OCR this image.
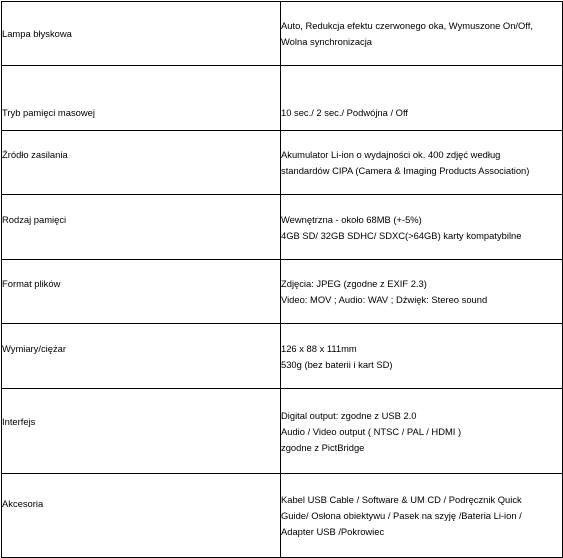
Lampa błyskowa	Auto, Redukcja efektu czerwonego oka, Wymuszone On/Off,
Wolna synchronizacja

Tryb pamięci masowej	10 sec./ 2 sec./ Podwójna / Off

Źródło zasilania	Akumulator Li-ion o wydajności ok. 400 zdjęć według
standardów CIPA (Camera & Imaging Products Association)

Rodzaj pamięci	Wewnętrzna - około 68MB (+-5%)
4GB SD/ 32GB SDHC/ SDXC(>64GB) karty kompatybilne

Format plików	Zdjęcia: JPEG (zgodne z EXIF 2.3)
Video: MOV ; Audio: WAV ; Dźwięk: Stereo sound

Wymiary/ciężar	126 x 88 x 111mm
530g (bez baterii i kart SD)

Interfejs	Digital output: zgodne z USB 2.0
Audio / Video output ( NTSC / PAL / HDMI )
zgodne z PictBridge

Akcesoria	Kabel USB Cable / Software & UM CD / Podręcznik Quick
Guide/ Osłona obiektywu / Pasek na szyję /Bateria Li-ion /
Adapter USB /Pokrowiec
